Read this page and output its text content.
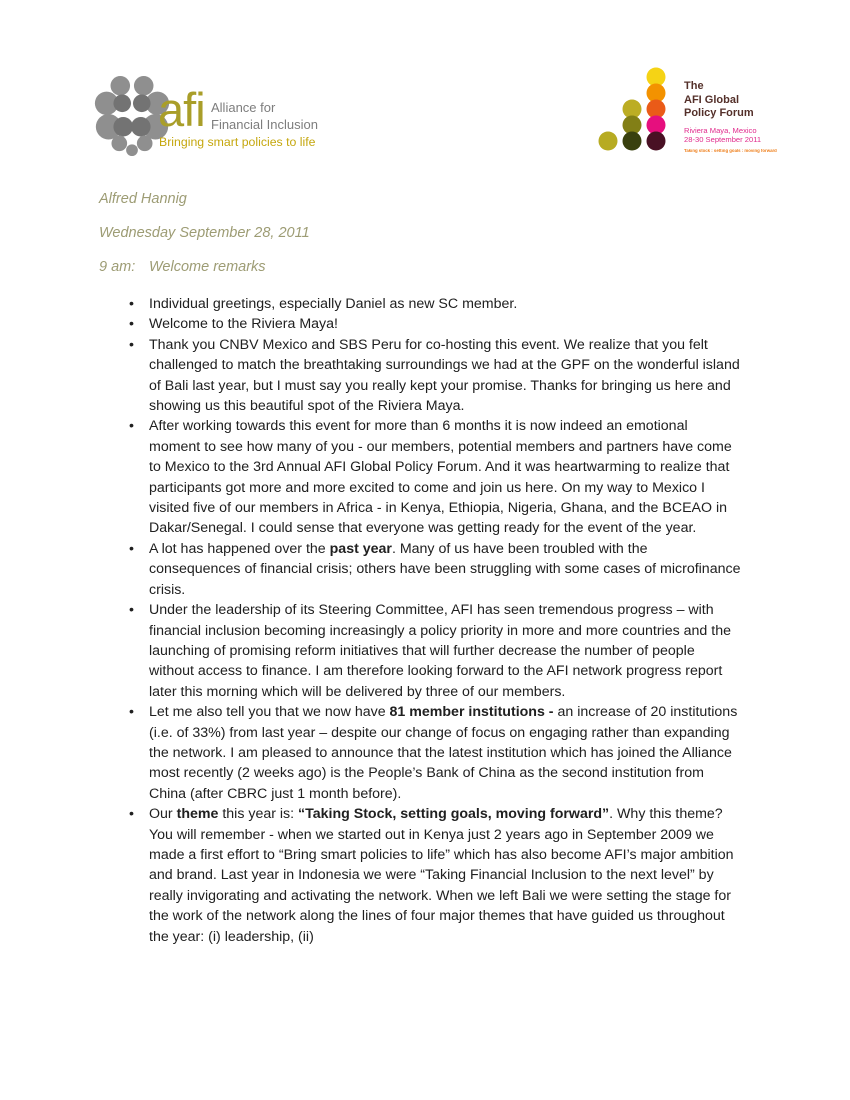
afi Alliance for
Financial Inclusion
Bringing smart policies to life
The
AFI Global
Policy Forum
Riviera Maya, Mexico
28-30 September 2011
Taking stock : setting goals : moving forward
Alfred Hannig
Wednesday September 28, 2011
9 am: Welcome remarks
• Individual greetings, especially Daniel as new SC member.
• Welcome to the Riviera Maya!
• Thank you CNBV Mexico and SBS Peru for co-hosting this event. We realize that you felt challenged to match the breathtaking surroundings we had at the GPF on the wonderful island of Bali last year, but I must say you really kept your promise. Thanks for bringing us here and showing us this beautiful spot of the Riviera Maya.
• After working towards this event for more than 6 months it is now indeed an emotional moment to see how many of you - our members, potential members and partners have come to Mexico to the 3rd Annual AFI Global Policy Forum. And it was heartwarming to realize that participants got more and more excited to come and join us here. On my way to Mexico I visited five of our members in Africa - in Kenya, Ethiopia, Nigeria, Ghana, and the BCEAO in Dakar/Senegal. I could sense that everyone was getting ready for the event of the year.
• A lot has happened over the past year. Many of us have been troubled with the consequences of financial crisis; others have been struggling with some cases of microfinance crisis.
• Under the leadership of its Steering Committee, AFI has seen tremendous progress – with financial inclusion becoming increasingly a policy priority in more and more countries and the launching of promising reform initiatives that will further decrease the number of people without access to finance. I am therefore looking forward to the AFI network progress report later this morning which will be delivered by three of our members.
• Let me also tell you that we now have 81 member institutions - an increase of 20 institutions (i.e. of 33%) from last year – despite our change of focus on engaging rather than expanding the network. I am pleased to announce that the latest institution which has joined the Alliance most recently (2 weeks ago) is the People’s Bank of China as the second institution from China (after CBRC just 1 month before).
• Our theme this year is: “Taking Stock, setting goals, moving forward”. Why this theme? You will remember - when we started out in Kenya just 2 years ago in September 2009 we made a first effort to “Bring smart policies to life” which has also become AFI’s major ambition and brand. Last year in Indonesia we were “Taking Financial Inclusion to the next level” by really invigorating and activating the network. When we left Bali we were setting the stage for the work of the network along the lines of four major themes that have guided us throughout the year: (i) leadership, (ii)
